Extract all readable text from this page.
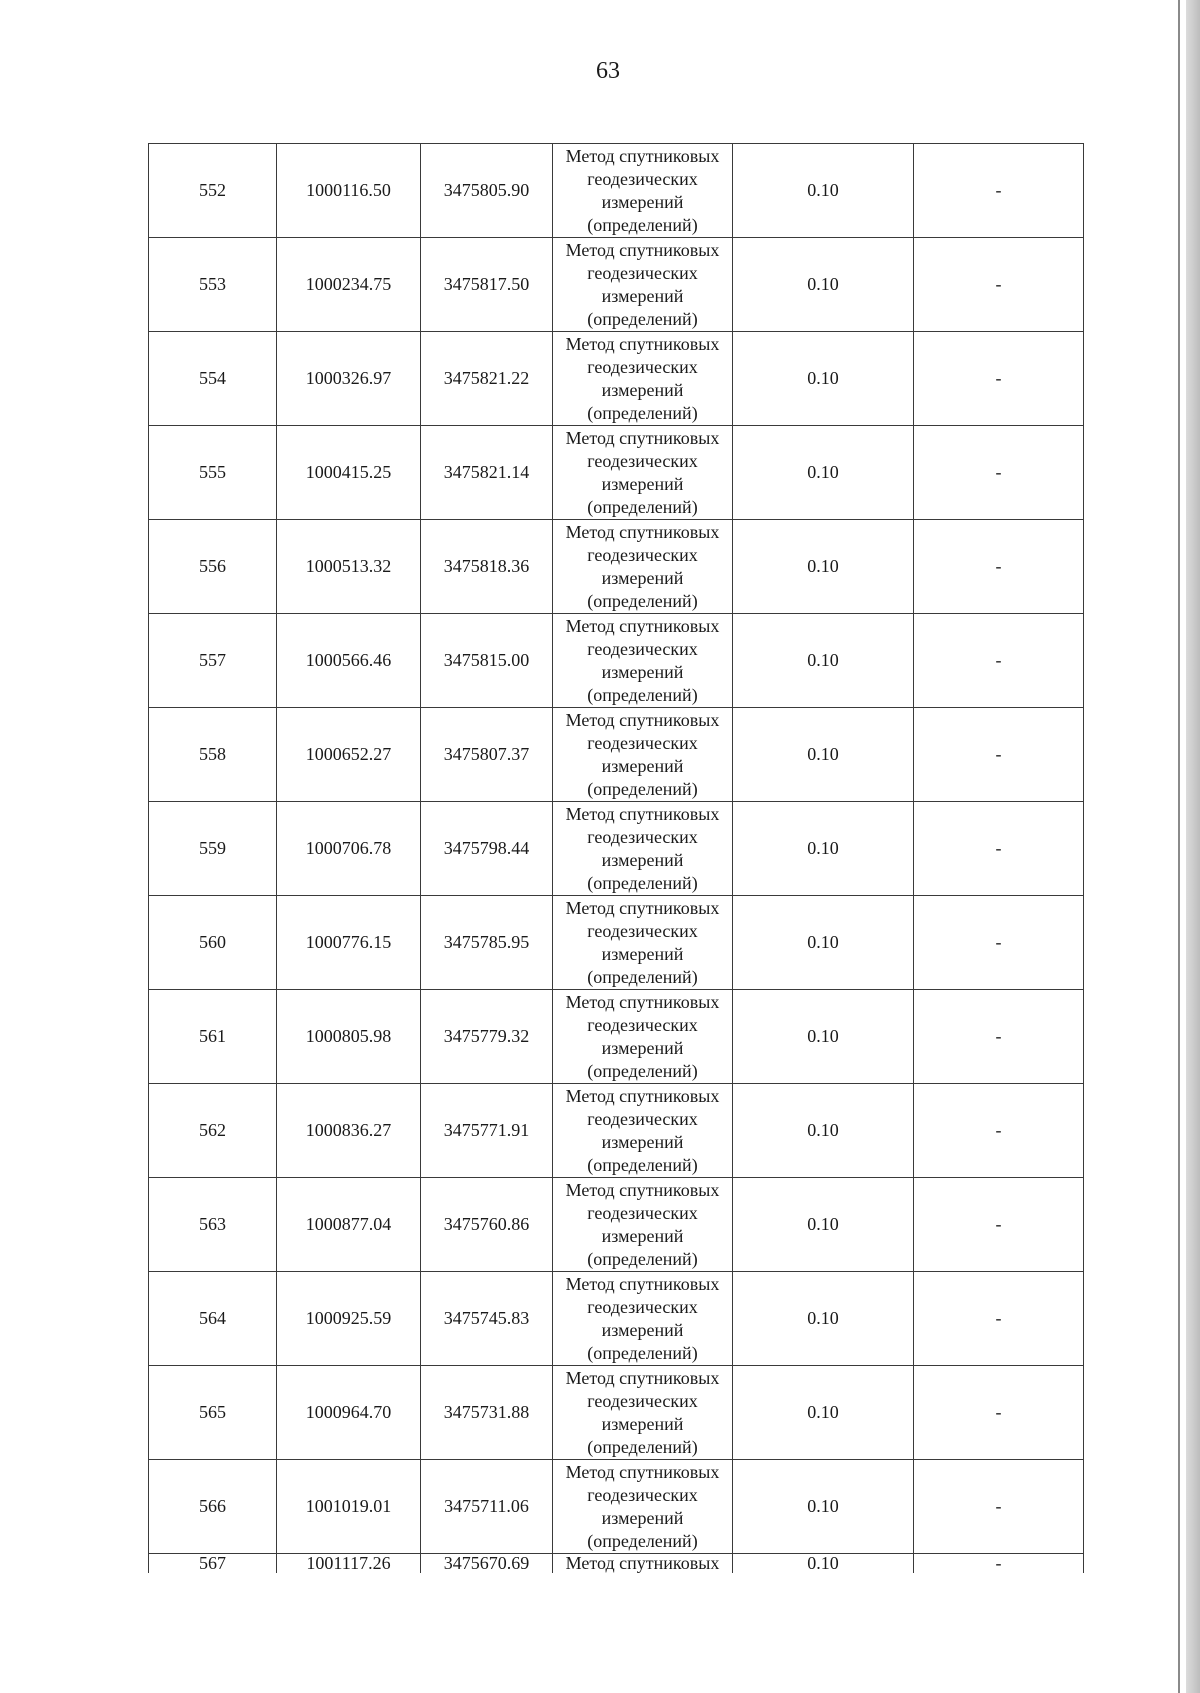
63
552	1000116.50	3475805.90	Метод спутниковых геодезических измерений (определений)	0.10	-
553	1000234.75	3475817.50	Метод спутниковых геодезических измерений (определений)	0.10	-
554	1000326.97	3475821.22	Метод спутниковых геодезических измерений (определений)	0.10	-
555	1000415.25	3475821.14	Метод спутниковых геодезических измерений (определений)	0.10	-
556	1000513.32	3475818.36	Метод спутниковых геодезических измерений (определений)	0.10	-
557	1000566.46	3475815.00	Метод спутниковых геодезических измерений (определений)	0.10	-
558	1000652.27	3475807.37	Метод спутниковых геодезических измерений (определений)	0.10	-
559	1000706.78	3475798.44	Метод спутниковых геодезических измерений (определений)	0.10	-
560	1000776.15	3475785.95	Метод спутниковых геодезических измерений (определений)	0.10	-
561	1000805.98	3475779.32	Метод спутниковых геодезических измерений (определений)	0.10	-
562	1000836.27	3475771.91	Метод спутниковых геодезических измерений (определений)	0.10	-
563	1000877.04	3475760.86	Метод спутниковых геодезических измерений (определений)	0.10	-
564	1000925.59	3475745.83	Метод спутниковых геодезических измерений (определений)	0.10	-
565	1000964.70	3475731.88	Метод спутниковых геодезических измерений (определений)	0.10	-
566	1001019.01	3475711.06	Метод спутниковых геодезических измерений (определений)	0.10	-
567	1001117.26	3475670.69	Метод спутниковых	0.10	-
